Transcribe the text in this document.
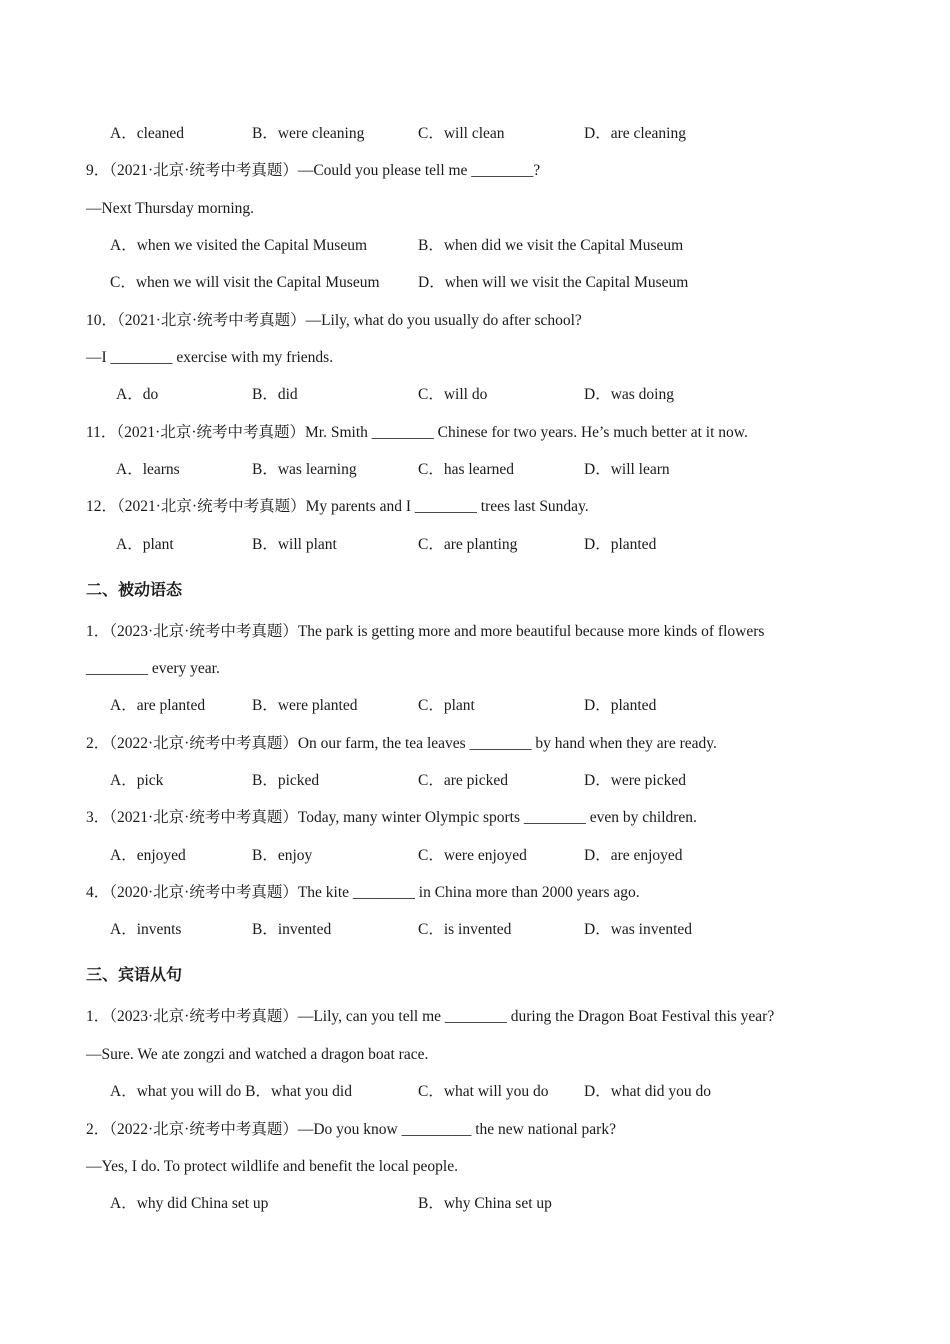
A．cleaned	B．were cleaning	C．will clean	D．are cleaning
9．（2021·北京·统考中考真题）—Could you please tell me ________?
—Next Thursday morning.
A．when we visited the Capital Museum	B．when did we visit the Capital Museum
C．when we will visit the Capital Museum D．when will we visit the Capital Museum
10．（2021·北京·统考中考真题）—Lily, what do you usually do after school?
—I ________ exercise with my friends.
A．do	B．did	C．will do	D．was doing
11．（2021·北京·统考中考真题）Mr. Smith ________ Chinese for two years. He’s much better at it now.
A．learns	B．was learning	C．has learned	D．will learn
12．（2021·北京·统考中考真题）My parents and I ________ trees last Sunday.
A．plant	B．will plant	C．are planting	D．planted
二、被动语态
1．（2023·北京·统考中考真题）The park is getting more and more beautiful because more kinds of flowers
________ every year.
A．are planted	B．were planted	C．plant	D．planted
2．（2022·北京·统考中考真题）On our farm, the tea leaves ________ by hand when they are ready.
A．pick	B．picked	C．are picked	D．were picked
3．（2021·北京·统考中考真题）Today, many winter Olympic sports ________ even by children.
A．enjoyed	B．enjoy	C．were enjoyed	D．are enjoyed
4．（2020·北京·统考中考真题）The kite ________ in China more than 2000 years ago.
A．invents	B．invented	C．is invented	D．was invented
三、宾语从句
1．（2023·北京·统考中考真题）—Lily, can you tell me ________ during the Dragon Boat Festival this year?
—Sure. We ate zongzi and watched a dragon boat race.
A．what you will do B．what you did	C．what will you do D．what did you do
2．（2022·北京·统考中考真题）—Do you know _________ the new national park?
—Yes, I do. To protect wildlife and benefit the local people.
A．why did China set up	B．why China set up
